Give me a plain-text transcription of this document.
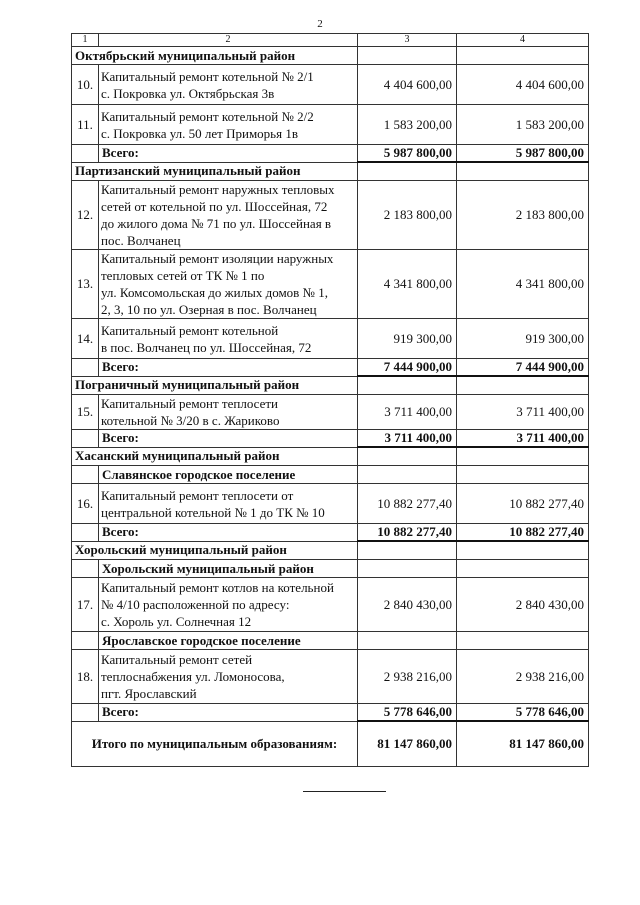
2
1	2	3	4
Октябрьский муниципальный район			
10.	Капитальный ремонт котельной № 2/1
с. Покровка ул. Октябрьская 3в	4 404 600,00	4 404 600,00
11.	Капитальный ремонт котельной № 2/2
с. Покровка ул. 50 лет Приморья 1в	1 583 200,00	1 583 200,00
	Всего:	5 987 800,00	5 987 800,00
Партизанский муниципальный район			
12.	Капитальный ремонт наружных тепловых
сетей от котельной по ул. Шоссейная, 72
до жилого дома № 71 по ул. Шоссейная в
пос. Волчанец	2 183 800,00	2 183 800,00
13.	Капитальный ремонт изоляции наружных
тепловых сетей от ТК № 1 по
ул. Комсомольская до жилых домов № 1,
2, 3, 10 по ул. Озерная в пос. Волчанец	4 341 800,00	4 341 800,00
14.	Капитальный ремонт котельной
в пос. Волчанец по ул. Шоссейная, 72	919 300,00	919 300,00
	Всего:	7 444 900,00	7 444 900,00
Пограничный муниципальный район			
15.	Капитальный ремонт теплосети
котельной № 3/20 в с. Жариково	3 711 400,00	3 711 400,00
	Всего:	3 711 400,00	3 711 400,00
Хасанский муниципальный район			
	Славянское городское поселение		
16.	Капитальный ремонт теплосети от
центральной котельной № 1 до ТК № 10	10 882 277,40	10 882 277,40
	Всего:	10 882 277,40	10 882 277,40
Хорольский муниципальный район			
	Хорольский муниципальный район		
17.	Капитальный ремонт котлов на котельной
№ 4/10 расположенной по адресу:
с. Хороль ул. Солнечная 12	2 840 430,00	2 840 430,00
	Ярославское городское поселение		
18.	Капитальный ремонт сетей
теплоснабжения ул. Ломоносова,
пгт. Ярославский	2 938 216,00	2 938 216,00
	Всего:	5 778 646,00	5 778 646,00
Итого по муниципальным образованиям:		81 147 860,00	81 147 860,00
